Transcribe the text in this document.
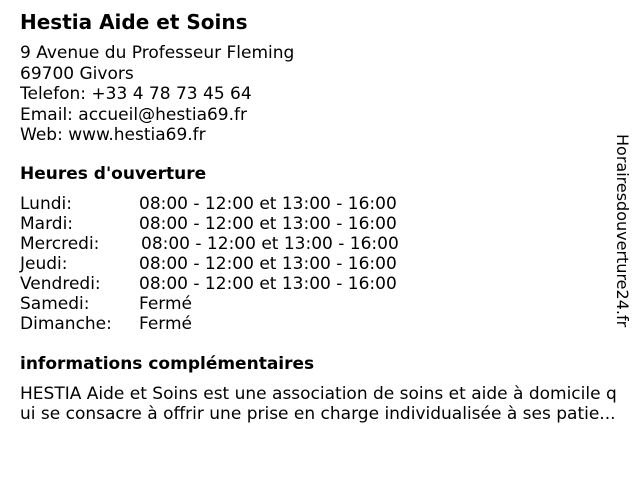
Hestia Aide et Soins
9 Avenue du Professeur Fleming
69700 Givors
Telefon: +33 4 78 73 45 64
Email: accueil@hestia69.fr
Web: www.hestia69.fr
Heures d'ouverture
Lundi:	08:00 - 12:00 et 13:00 - 16:00
Mardi:	08:00 - 12:00 et 13:00 - 16:00
Mercredi: 08:00 - 12:00 et 13:00 - 16:00
Jeudi:	08:00 - 12:00 et 13:00 - 16:00
Vendredi: 08:00 - 12:00 et 13:00 - 16:00
Samedi:	Fermé
Dimanche: Fermé
informations complémentaires
HESTIA Aide et Soins est une association de soins et aide à domicile q
ui se consacre à offrir une prise en charge individualisée à ses patie...
Horairesdouverture24.fr
